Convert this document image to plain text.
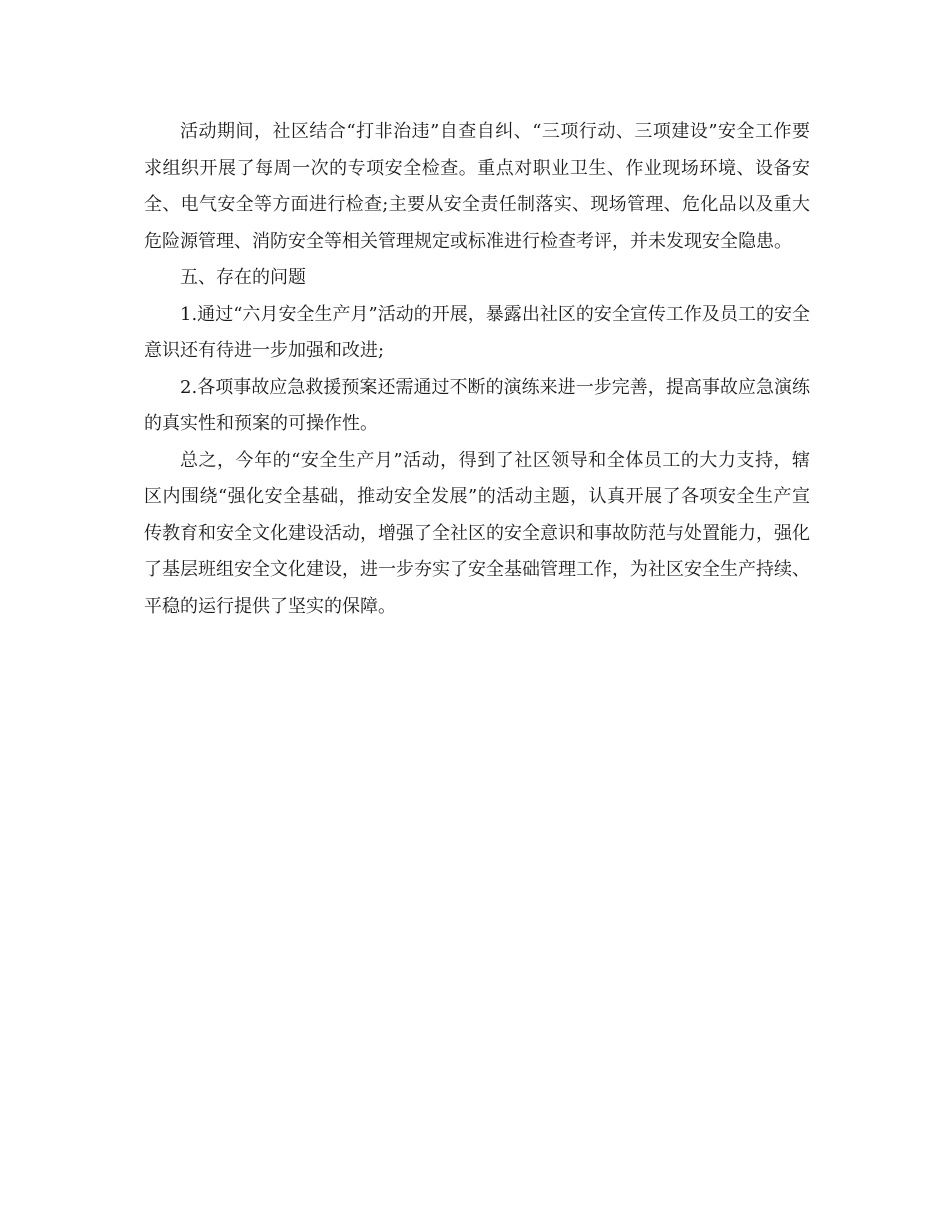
活动期间，社区结合“打非治违”自查自纠、“三项行动、三项建设”安全工作要求组织开展了每周一次的专项安全检查。重点对职业卫生、作业现场环境、设备安全、电气安全等方面进行检查;主要从安全责任制落实、现场管理、危化品以及重大危险源管理、消防安全等相关管理规定或标准进行检查考评，并未发现安全隐患。

五、存在的问题

1.通过“六月安全生产月”活动的开展，暴露出社区的安全宣传工作及员工的安全意识还有待进一步加强和改进;

2.各项事故应急救援预案还需通过不断的演练来进一步完善，提高事故应急演练的真实性和预案的可操作性。

总之，今年的“安全生产月”活动，得到了社区领导和全体员工的大力支持，辖区内围绕“强化安全基础，推动安全发展”的活动主题，认真开展了各项安全生产宣传教育和安全文化建设活动，增强了全社区的安全意识和事故防范与处置能力，强化了基层班组安全文化建设，进一步夯实了安全基础管理工作，为社区安全生产持续、平稳的运行提供了坚实的保障。
